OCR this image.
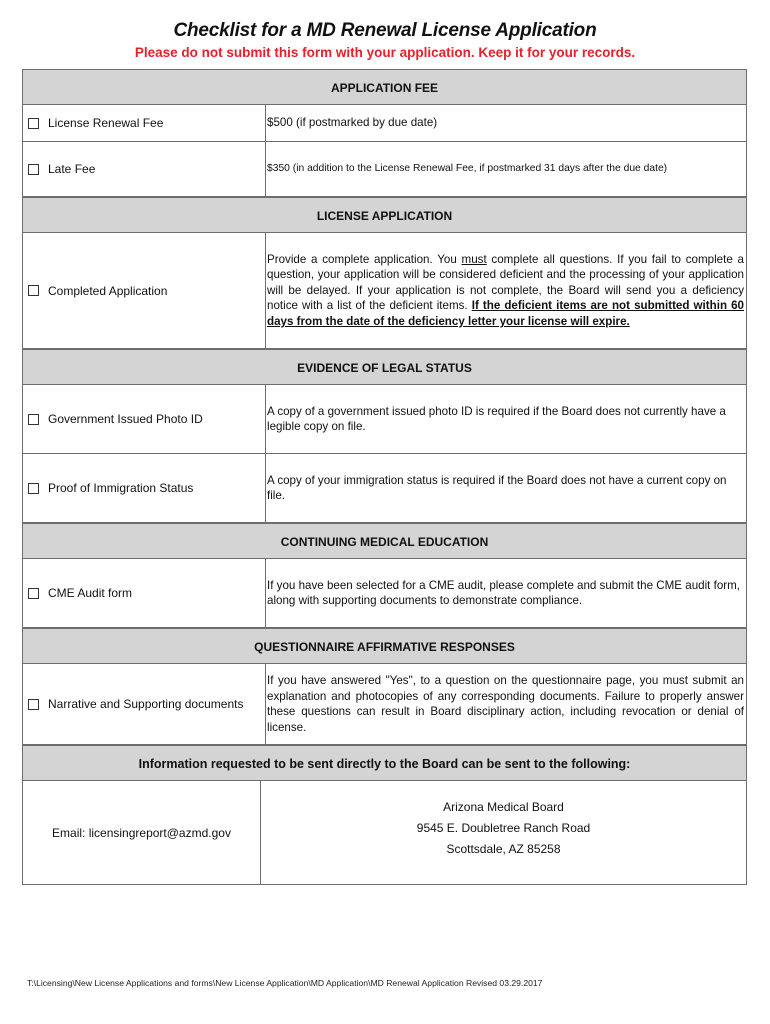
Checklist for a MD Renewal License Application
Please do not submit this form with your application. Keep it for your records.
APPLICATION FEE
License Renewal Fee	$500 (if postmarked by due date)
Late Fee	$350 (in addition to the License Renewal Fee, if postmarked 31 days after the due date)
LICENSE APPLICATION
Completed Application
Provide a complete application. You must complete all questions. If you fail to complete a question, your application will be considered deficient and the processing of your application will be delayed. If your application is not complete, the Board will send you a deficiency notice with a list of the deficient items. If the deficient items are not submitted within 60 days from the date of the deficiency letter your license will expire.
EVIDENCE OF LEGAL STATUS
Government Issued Photo ID
A copy of a government issued photo ID is required if the Board does not currently have a legible copy on file.
Proof of Immigration Status
A copy of your immigration status is required if the Board does not have a current copy on file.
CONTINUING MEDICAL EDUCATION
CME Audit form
If you have been selected for a CME audit, please complete and submit the CME audit form, along with supporting documents to demonstrate compliance.
QUESTIONNAIRE AFFIRMATIVE RESPONSES
Narrative and Supporting documents
If you have answered "Yes", to a question on the questionnaire page, you must submit an explanation and photocopies of any corresponding documents. Failure to properly answer these questions can result in Board disciplinary action, including revocation or denial of license.
Information requested to be sent directly to the Board can be sent to the following:
Email: licensingreport@azmd.gov
Arizona Medical Board
9545 E. Doubletree Ranch Road
Scottsdale, AZ 85258
T:\Licensing\New License Applications and forms\New License Application\MD Application\MD Renewal Application Revised 03.29.2017
